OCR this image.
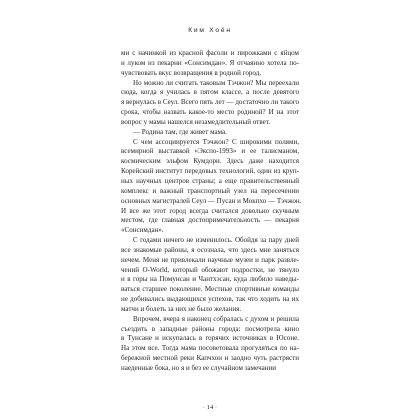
Ким Хоён
ми с начинкой из красной фасоли и пирожками с яйцом
и луком из пекарни «Сонсимдан». Я отчаянно хотела по-
чувствовать вкус возвращения в родной город.
Но можно ли считать таковым Тэчжон? Мы переехали
сюда, когда я училась в пятом классе, а после девятого
я вернулась в Сеул. Всего пять лет — достаточно ли такого
срока, чтобы назвать какое-то место родиной? И на этот
вопрос у мамы нашелся незамедлительный ответ.
— Родина там, где живет мама.
С чем ассоциируется Тэчжон? С широкими полями,
всемирной выставкой «Экспо-1993» и ее талисманом,
космическим эльфом Кумдори. Здесь даже находится
Корейский институт передовых технологий, один из круп-
ных научных центров страны; а еще правительственный
комплекс и важный транспортный узел на пересечении
основных магистралей Сеул — Пусан и Мокпхо — Тэчжон.
И все же этот город всегда считался довольно скучным
местом, где главная достопримечательность — пекарня
«Сонсимдан».
С годами ничего не изменилось. Обойдя за пару дней
все знакомые районы, я осознала, что здесь мне заняться
нечем. Меня не привлекали научные музеи и парк развле-
чений O-World, который обожают подростки, не тянуло
и в горы на Помунсан и Чантхэсан, куда любило наведы-
ваться старшее поколение. Местные спортивные команды
не добивались выдающихся успехов, так что ходить на их
матчи и болеть за них не было желания.
Впрочем, вчера я наконец собралась с духом и решила
съездить в западные районы города: посмотрела кино
в Тунсане и искупалась в горячих источниках в Юсоне.
На этом все. Тогда мама посоветовала прогуляться по на-
бережной местной реки Капчхон и заодно чуть растрясти
наеденные бока, но я и без ее случайном замечании
· 14 ·
